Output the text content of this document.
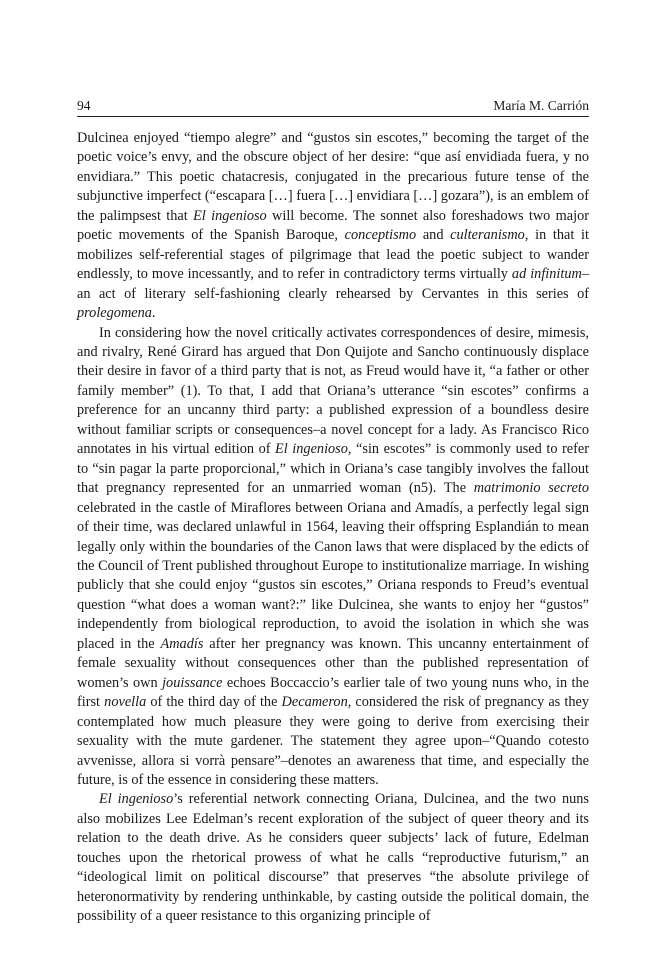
94	María M. Carrión

Dulcinea enjoyed “tiempo alegre” and “gustos sin escotes,” becoming the target of the poetic voice’s envy, and the obscure object of her desire: “que así envidiada fuera, y no envidiara.” This poetic chatacresis, conjugated in the precarious future tense of the subjunctive imperfect (“escapara […] fuera […] envidiara […] gozara”), is an emblem of the palimpsest that El ingenioso will become. The sonnet also foreshadows two major poetic movements of the Spanish Baroque, conceptismo and culteranismo, in that it mobilizes self-referential stages of pilgrimage that lead the poetic subject to wander endlessly, to move incessantly, and to refer in contradictory terms virtually ad infinitum–an act of literary self-fashioning clearly rehearsed by Cervantes in this series of prolegomena.

In considering how the novel critically activates correspondences of desire, mimesis, and rivalry, René Girard has argued that Don Quijote and Sancho continuously displace their desire in favor of a third party that is not, as Freud would have it, “a father or other family member” (1). To that, I add that Oriana’s utterance “sin escotes” confirms a preference for an uncanny third party: a published expression of a boundless desire without familiar scripts or consequences–a novel concept for a lady. As Francisco Rico annotates in his virtual edition of El ingenioso, “sin escotes” is commonly used to refer to “sin pagar la parte proporcional,” which in Oriana’s case tangibly involves the fallout that pregnancy represented for an unmarried woman (n5). The matrimonio secreto celebrated in the castle of Miraflores between Oriana and Amadís, a perfectly legal sign of their time, was declared unlawful in 1564, leaving their offspring Esplandián to mean legally only within the boundaries of the Canon laws that were displaced by the edicts of the Council of Trent published throughout Europe to institutionalize marriage. In wishing publicly that she could enjoy “gustos sin escotes,” Oriana responds to Freud’s eventual question “what does a woman want?:” like Dulcinea, she wants to enjoy her “gustos” independently from biological reproduction, to avoid the isolation in which she was placed in the Amadís after her pregnancy was known. This uncanny entertainment of female sexuality without consequences other than the published representation of women’s own jouissance echoes Boccaccio’s earlier tale of two young nuns who, in the first novella of the third day of the Decameron, considered the risk of pregnancy as they contemplated how much pleasure they were going to derive from exercising their sexuality with the mute gardener. The statement they agree upon–“Quando cotesto avvenisse, allora si vorrà pensare”–denotes an awareness that time, and especially the future, is of the essence in considering these matters.

El ingenioso’s referential network connecting Oriana, Dulcinea, and the two nuns also mobilizes Lee Edelman’s recent exploration of the subject of queer theory and its relation to the death drive. As he considers queer subjects’ lack of future, Edelman touches upon the rhetorical prowess of what he calls “reproductive futurism,” an “ideological limit on political discourse” that preserves “the absolute privilege of heteronormativity by rendering unthinkable, by casting outside the political domain, the possibility of a queer resistance to this organizing principle of
